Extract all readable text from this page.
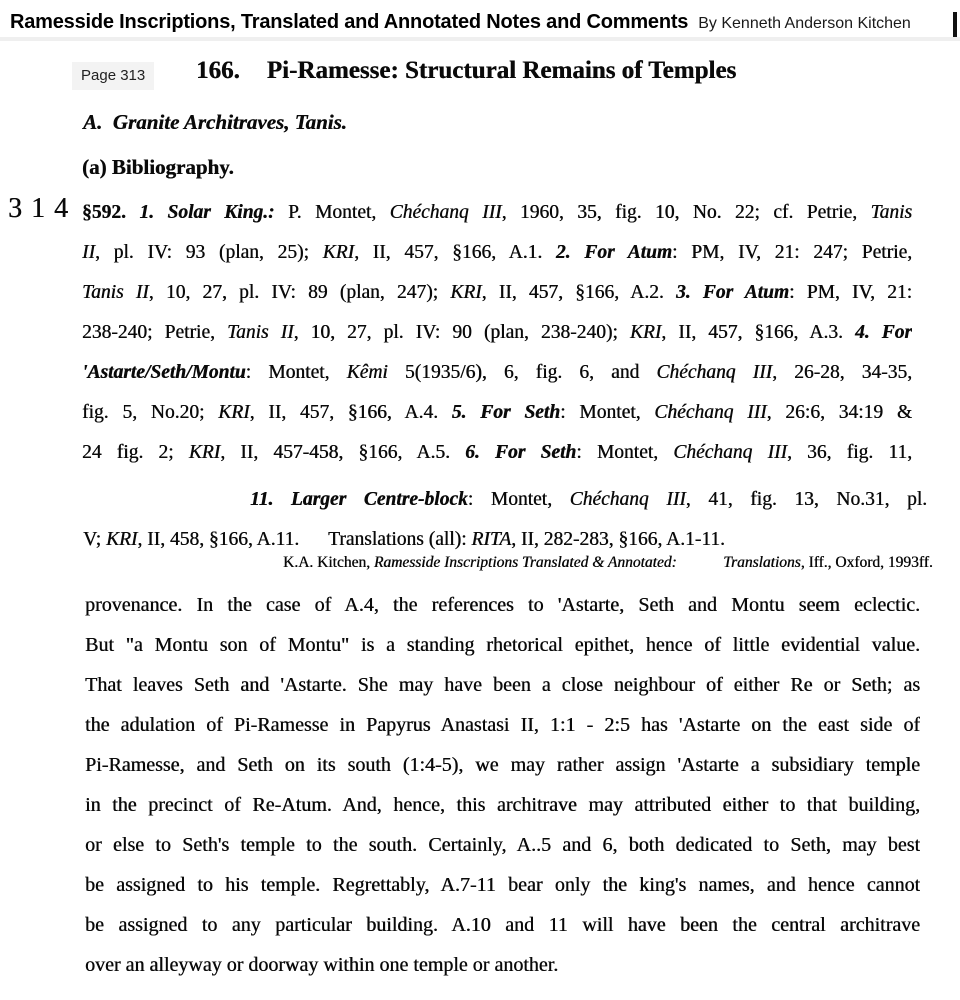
Ramesside Inscriptions, Translated and Annotated Notes and Comments By Kenneth Anderson Kitchen
Page 313	166. Pi-Ramesse: Structural Remains of Temples
A.  Granite Architraves, Tanis.
(a) Bibliography.
314 §592. 1. Solar King.: P. Montet, Chéchanq III, 1960, 35, fig. 10, No. 22; cf. Petrie, Tanis
II, pl. IV: 93 (plan, 25); KRI, II, 457, §166, A.1. 2. For Atum: PM, IV, 21: 247; Petrie,
Tanis II, 10, 27, pl. IV: 89 (plan, 247); KRI, II, 457, §166, A.2. 3. For Atum: PM, IV, 21:
238-240; Petrie, Tanis II, 10, 27, pl. IV: 90 (plan, 238-240); KRI, II, 457, §166, A.3. 4. For
'Astarte/Seth/Montu: Montet, Kêmi 5(1935/6), 6, fig. 6, and Chéchanq III, 26-28, 34-35,
fig. 5, No.20; KRI, II, 457, §166, A.4. 5. For Seth: Montet, Chéchanq III, 26:6, 34:19 &
24 fig. 2; KRI, II, 457-458, §166, A.5. 6. For Seth: Montet, Chéchanq III, 36, fig. 11,
11. Larger Centre-block: Montet, Chéchanq III, 41, fig. 13, No.31, pl.
V; KRI, II, 458, §166, A.11.      Translations (all): RITA, II, 282-283, §166, A.1-11.
K.A. Kitchen, Ramesside Inscriptions Translated & Annotated:	Translations, Iff., Oxford, 1993ff.
provenance. In the case of A.4, the references to 'Astarte, Seth and Montu seem eclectic.
But "a Montu son of Montu" is a standing rhetorical epithet, hence of little evidential value.
That leaves Seth and 'Astarte. She may have been a close neighbour of either Re or Seth; as
the adulation of Pi-Ramesse in Papyrus Anastasi II, 1:1 - 2:5 has 'Astarte on the east side of
Pi-Ramesse, and Seth on its south (1:4-5), we may rather assign 'Astarte a subsidiary temple
in the precinct of Re-Atum. And, hence, this architrave may attributed either to that building,
or else to Seth's temple to the south. Certainly, A..5 and 6, both dedicated to Seth, may best
be assigned to his temple. Regrettably, A.7-11 bear only the king's names, and hence cannot
be assigned to any particular building. A.10 and 11 will have been the central architrave
over an alleyway or doorway within one temple or another.
